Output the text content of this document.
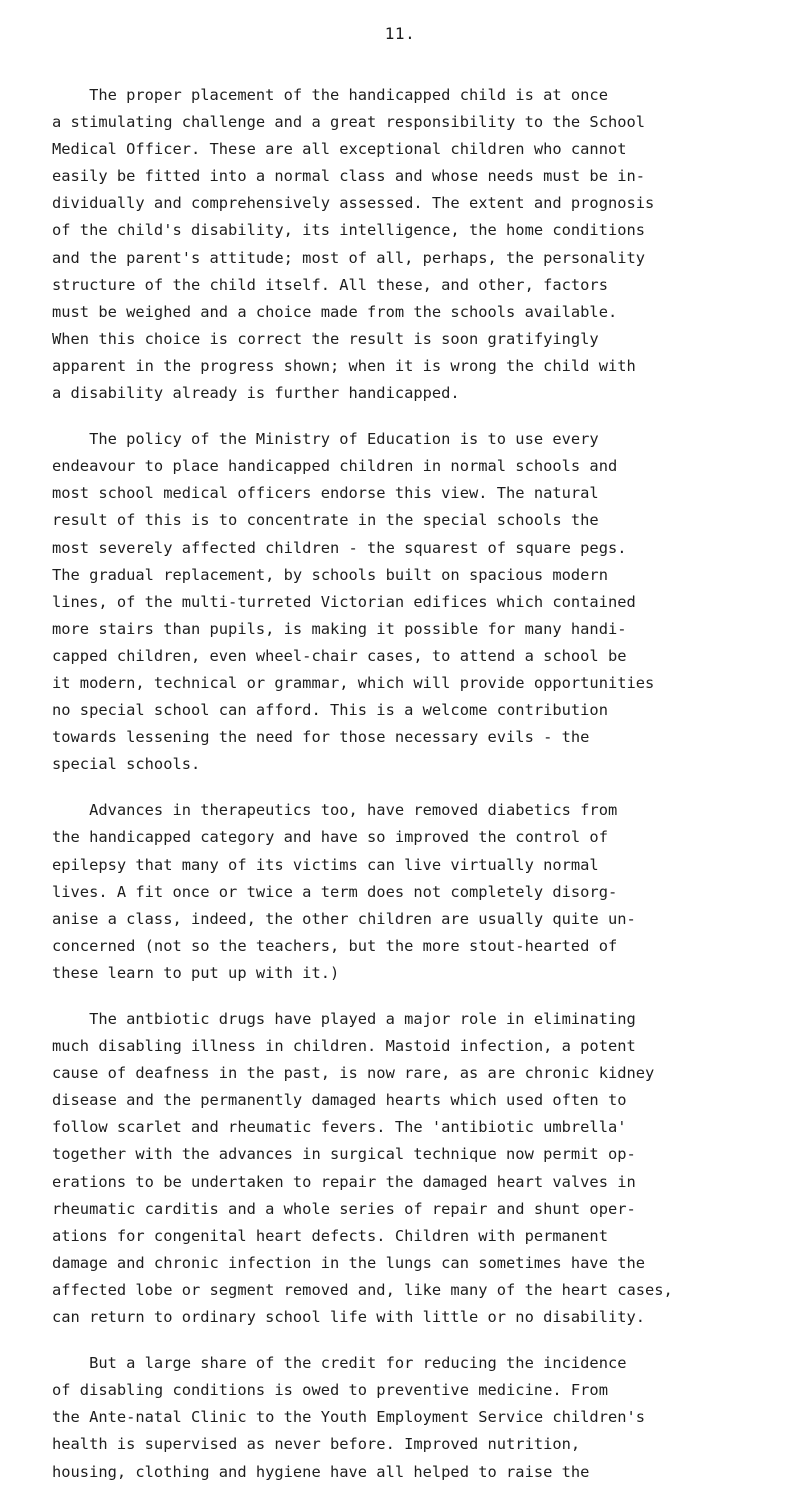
11.
The proper placement of the handicapped child is at once
a stimulating challenge and a great responsibility to the School
Medical Officer. These are all exceptional children who cannot
easily be fitted into a normal class and whose needs must be in-
dividually and comprehensively assessed. The extent and prognosis
of the child's disability, its intelligence, the home conditions
and the parent's attitude; most of all, perhaps, the personality
structure of the child itself. All these, and other, factors
must be weighed and a choice made from the schools available.
When this choice is correct the result is soon gratifyingly
apparent in the progress shown; when it is wrong the child with
a disability already is further handicapped.
The policy of the Ministry of Education is to use every
endeavour to place handicapped children in normal schools and
most school medical officers endorse this view. The natural
result of this is to concentrate in the special schools the
most severely affected children - the squarest of square pegs.
The gradual replacement, by schools built on spacious modern
lines, of the multi-turreted Victorian edifices which contained
more stairs than pupils, is making it possible for many handi-
capped children, even wheel-chair cases, to attend a school be
it modern, technical or grammar, which will provide opportunities
no special school can afford. This is a welcome contribution
towards lessening the need for those necessary evils - the
special schools.
Advances in therapeutics too, have removed diabetics from
the handicapped category and have so improved the control of
epilepsy that many of its victims can live virtually normal
lives. A fit once or twice a term does not completely disorg-
anise a class, indeed, the other children are usually quite un-
concerned (not so the teachers, but the more stout-hearted of
these learn to put up with it.)
The antbiotic drugs have played a major role in eliminating
much disabling illness in children. Mastoid infection, a potent
cause of deafness in the past, is now rare, as are chronic kidney
disease and the permanently damaged hearts which used often to
follow scarlet and rheumatic fevers. The 'antibiotic umbrella'
together with the advances in surgical technique now permit op-
erations to be undertaken to repair the damaged heart valves in
rheumatic carditis and a whole series of repair and shunt oper-
ations for congenital heart defects. Children with permanent
damage and chronic infection in the lungs can sometimes have the
affected lobe or segment removed and, like many of the heart cases,
can return to ordinary school life with little or no disability.
But a large share of the credit for reducing the incidence
of disabling conditions is owed to preventive medicine. From
the Ante-natal Clinic to the Youth Employment Service children's
health is supervised as never before. Improved nutrition,
housing, clothing and hygiene have all helped to raise the
